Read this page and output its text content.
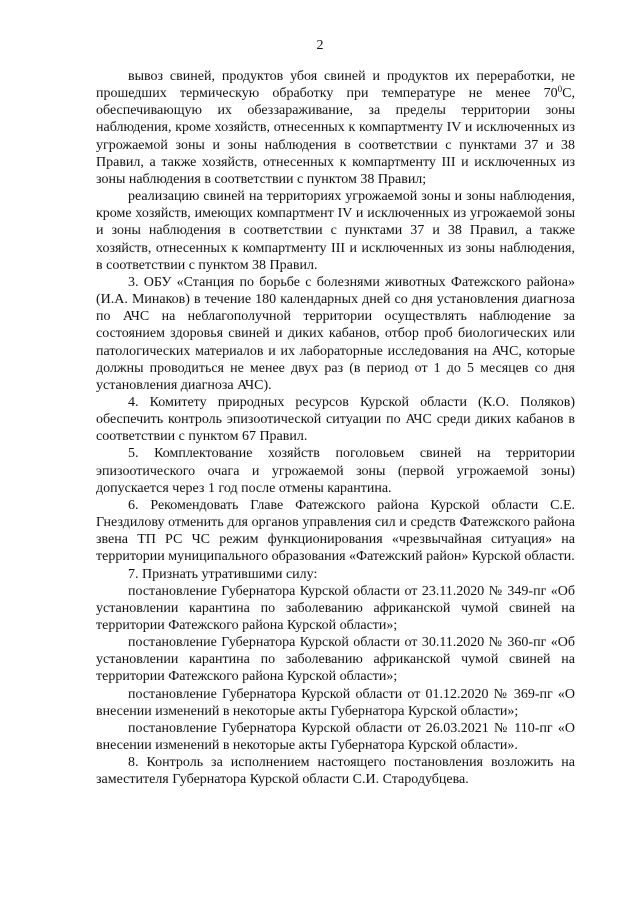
2

вывоз свиней, продуктов убоя свиней и продуктов их переработки, не прошедших термическую обработку при температуре не менее $70^0С$, обеспечивающую их обеззараживание, за пределы территории зоны наблюдения, кроме хозяйств, отнесенных к компартменту IV и исключенных из угрожаемой зоны и зоны наблюдения в соответствии с пунктами 37 и 38 Правил, а также хозяйств, отнесенных к компартменту III и исключенных из зоны наблюдения в соответствии с пунктом 38 Правил;

реализацию свиней на территориях угрожаемой зоны и зоны наблюдения, кроме хозяйств, имеющих компартмент IV и исключенных из угрожаемой зоны и зоны наблюдения в соответствии с пунктами 37 и 38 Правил, а также хозяйств, отнесенных к компартменту III и исключенных из зоны наблюдения, в соответствии с пунктом 38 Правил.

3. ОБУ «Станция по борьбе с болезнями животных Фатежского района» (И.А. Минаков) в течение 180 календарных дней со дня установления диагноза по АЧС на неблагополучной территории осуществлять наблюдение за состоянием здоровья свиней и диких кабанов, отбор проб биологических или патологических материалов и их лабораторные исследования на АЧС, которые должны проводиться не менее двух раз (в период от 1 до 5 месяцев со дня установления диагноза АЧС).

4. Комитету природных ресурсов Курской области (К.О. Поляков) обеспечить контроль эпизоотической ситуации по АЧС среди диких кабанов в соответствии с пунктом 67 Правил.

5. Комплектование хозяйств поголовьем свиней на территории эпизоотического очага и угрожаемой зоны (первой угрожаемой зоны) допускается через 1 год после отмены карантина.

6. Рекомендовать Главе Фатежского района Курской области С.Е. Гнездилову отменить для органов управления сил и средств Фатежского района звена ТП РС ЧС режим функционирования «чрезвычайная ситуация» на территории муниципального образования «Фатежский район» Курской области.

7. Признать утратившими силу:

постановление Губернатора Курской области от 23.11.2020 № 349-пг «Об установлении карантина по заболеванию африканской чумой свиней на территории Фатежского района Курской области»;

постановление Губернатора Курской области от 30.11.2020 № 360-пг «Об установлении карантина по заболеванию африканской чумой свиней на территории Фатежского района Курской области»;

постановление Губернатора Курской области от 01.12.2020 № 369-пг «О внесении изменений в некоторые акты Губернатора Курской области»;

постановление Губернатора Курской области от 26.03.2021 № 110-пг «О внесении изменений в некоторые акты Губернатора Курской области».

8. Контроль за исполнением настоящего постановления возложить на заместителя Губернатора Курской области С.И. Стародубцева.
